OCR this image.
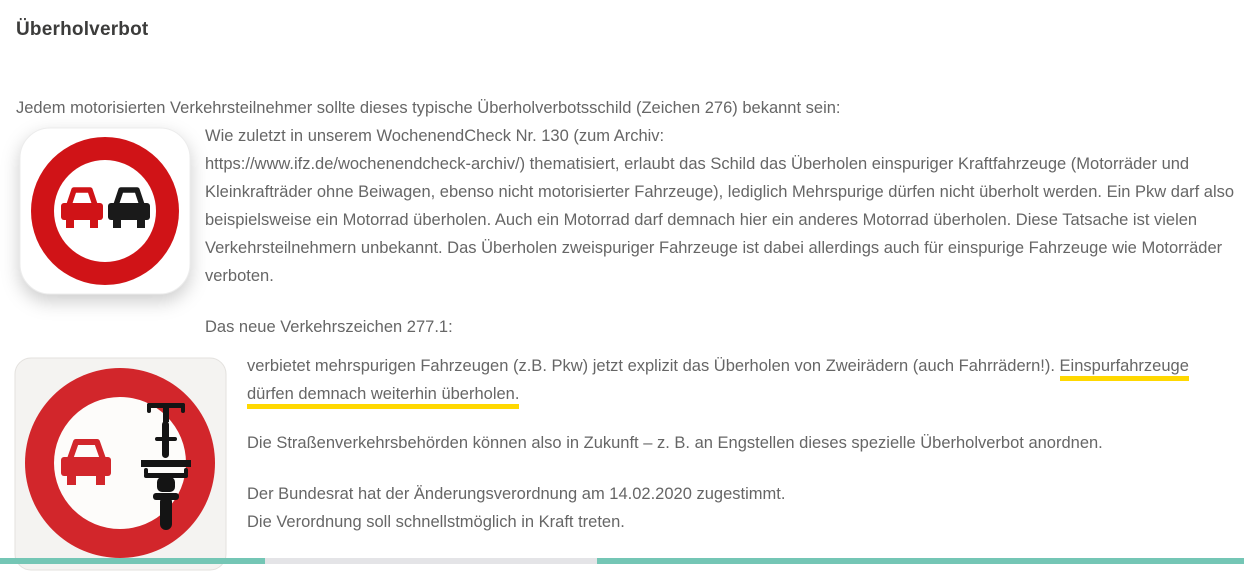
Überholverbot

Jedem motorisierten Verkehrsteilnehmer sollte dieses typische Überholverbotsschild (Zeichen 276) bekannt sein:

Wie zuletzt in unserem WochenendCheck Nr. 130 (zum Archiv:
https://www.ifz.de/wochenendcheck-archiv/) thematisiert, erlaubt das Schild das Überholen einspuriger Kraftfahrzeuge (Motorräder und Kleinkrafträder ohne Beiwagen, ebenso nicht motorisierter Fahrzeuge), lediglich Mehrspurige dürfen nicht überholt werden. Ein Pkw darf also beispielsweise ein Motorrad überholen. Auch ein Motorrad darf demnach hier ein anderes Motorrad überholen. Diese Tatsache ist vielen Verkehrsteilnehmern unbekannt. Das Überholen zweispuriger Fahrzeuge ist dabei allerdings auch für einspurige Fahrzeuge wie Motorräder verboten.

Das neue Verkehrszeichen 277.1:

verbietet mehrspurigen Fahrzeugen (z.B. Pkw) jetzt explizit das Überholen von Zweirädern (auch Fahrrädern!). Einspurfahrzeuge dürfen demnach weiterhin überholen.

Die Straßenverkehrsbehörden können also in Zukunft – z. B. an Engstellen dieses spezielle Überholverbot anordnen.

Der Bundesrat hat der Änderungsverordnung am 14.02.2020 zugestimmt.

Die Verordnung soll schnellstmöglich in Kraft treten.
